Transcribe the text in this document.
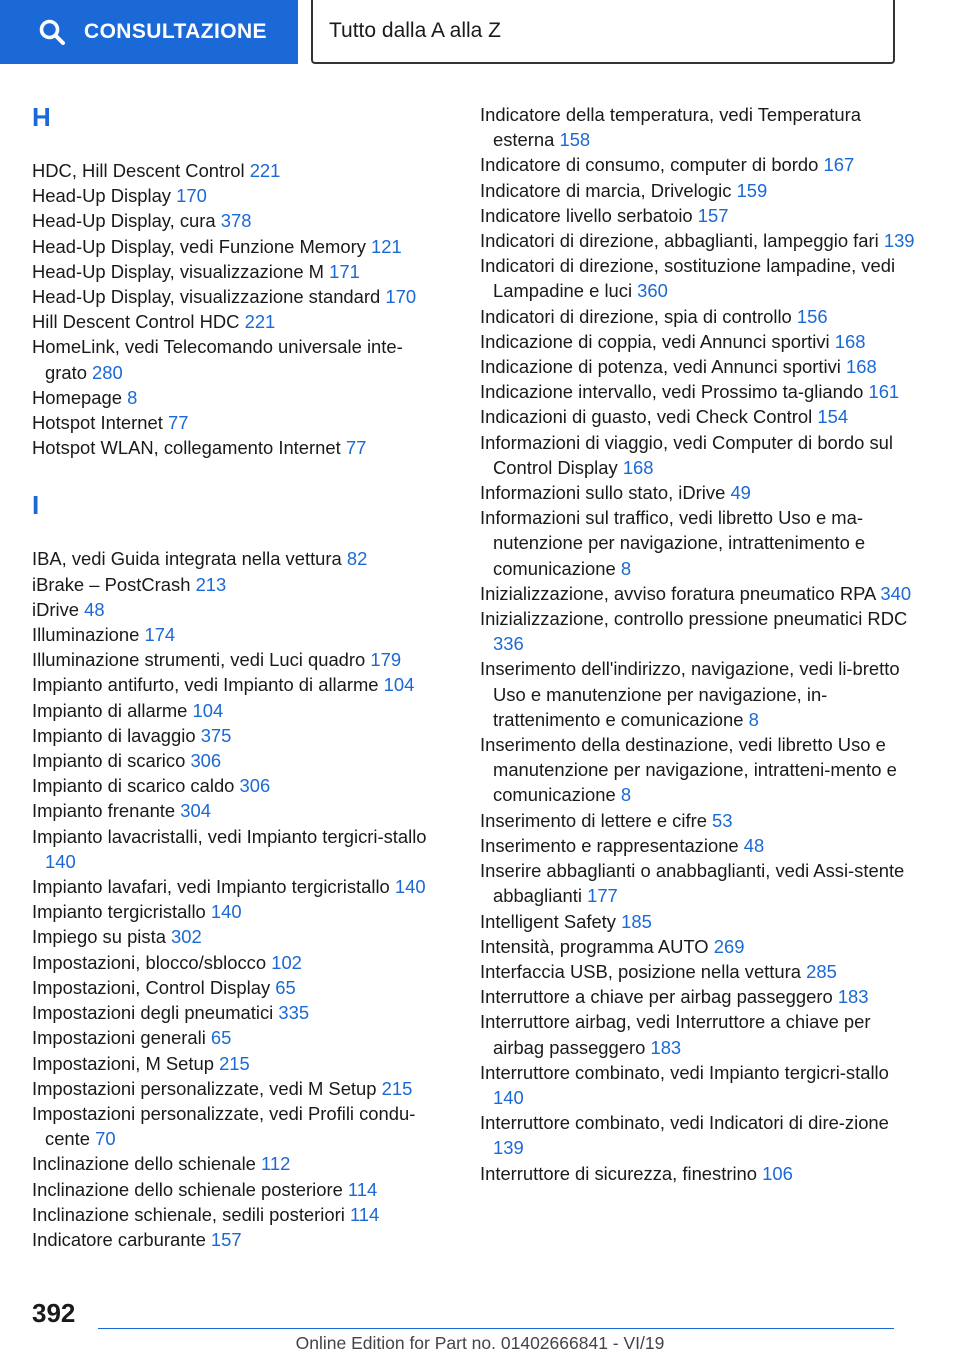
CONSULTAZIONE	Tutto dalla A alla Z
H
HDC, Hill Descent Control 221
Head-Up Display 170
Head-Up Display, cura 378
Head-Up Display, vedi Funzione Memory 121
Head-Up Display, visualizzazione M 171
Head-Up Display, visualizzazione standard 170
Hill Descent Control HDC 221
HomeLink, vedi Telecomando universale inte-grato 280
Homepage 8
Hotspot Internet 77
Hotspot WLAN, collegamento Internet 77
I
IBA, vedi Guida integrata nella vettura 82
iBrake – PostCrash 213
iDrive 48
Illuminazione 174
Illuminazione strumenti, vedi Luci quadro 179
Impianto antifurto, vedi Impianto di allarme 104
Impianto di allarme 104
Impianto di lavaggio 375
Impianto di scarico 306
Impianto di scarico caldo 306
Impianto frenante 304
Impianto lavacristalli, vedi Impianto tergicri-stallo 140
Impianto lavafari, vedi Impianto tergicristallo 140
Impianto tergicristallo 140
Impiego su pista 302
Impostazioni, blocco/sblocco 102
Impostazioni, Control Display 65
Impostazioni degli pneumatici 335
Impostazioni generali 65
Impostazioni, M Setup 215
Impostazioni personalizzate, vedi M Setup 215
Impostazioni personalizzate, vedi Profili condu-cente 70
Inclinazione dello schienale 112
Inclinazione dello schienale posteriore 114
Inclinazione schienale, sedili posteriori 114
Indicatore carburante 157
Indicatore della temperatura, vedi Temperatura esterna 158
Indicatore di consumo, computer di bordo 167
Indicatore di marcia, Drivelogic 159
Indicatore livello serbatoio 157
Indicatori di direzione, abbaglianti, lampeggio fari 139
Indicatori di direzione, sostituzione lampadine, vedi Lampadine e luci 360
Indicatori di direzione, spia di controllo 156
Indicazione di coppia, vedi Annunci sportivi 168
Indicazione di potenza, vedi Annunci sportivi 168
Indicazione intervallo, vedi Prossimo ta-gliando 161
Indicazioni di guasto, vedi Check Control 154
Informazioni di viaggio, vedi Computer di bordo sul Control Display 168
Informazioni sullo stato, iDrive 49
Informazioni sul traffico, vedi libretto Uso e ma-nutenzione per navigazione, intrattenimento e comunicazione 8
Inizializzazione, avviso foratura pneumatico RPA 340
Inizializzazione, controllo pressione pneumatici RDC 336
Inserimento dell'indirizzo, navigazione, vedi li-bretto Uso e manutenzione per navigazione, in-trattenimento e comunicazione 8
Inserimento della destinazione, vedi libretto Uso e manutenzione per navigazione, intratteni-mento e comunicazione 8
Inserimento di lettere e cifre 53
Inserimento e rappresentazione 48
Inserire abbaglianti o anabbaglianti, vedi Assi-stente abbaglianti 177
Intelligent Safety 185
Intensità, programma AUTO 269
Interfaccia USB, posizione nella vettura 285
Interruttore a chiave per airbag passeggero 183
Interruttore airbag, vedi Interruttore a chiave per airbag passeggero 183
Interruttore combinato, vedi Impianto tergicri-stallo 140
Interruttore combinato, vedi Indicatori di dire-zione 139
Interruttore di sicurezza, finestrino 106
392
Online Edition for Part no. 01402666841 - VI/19
